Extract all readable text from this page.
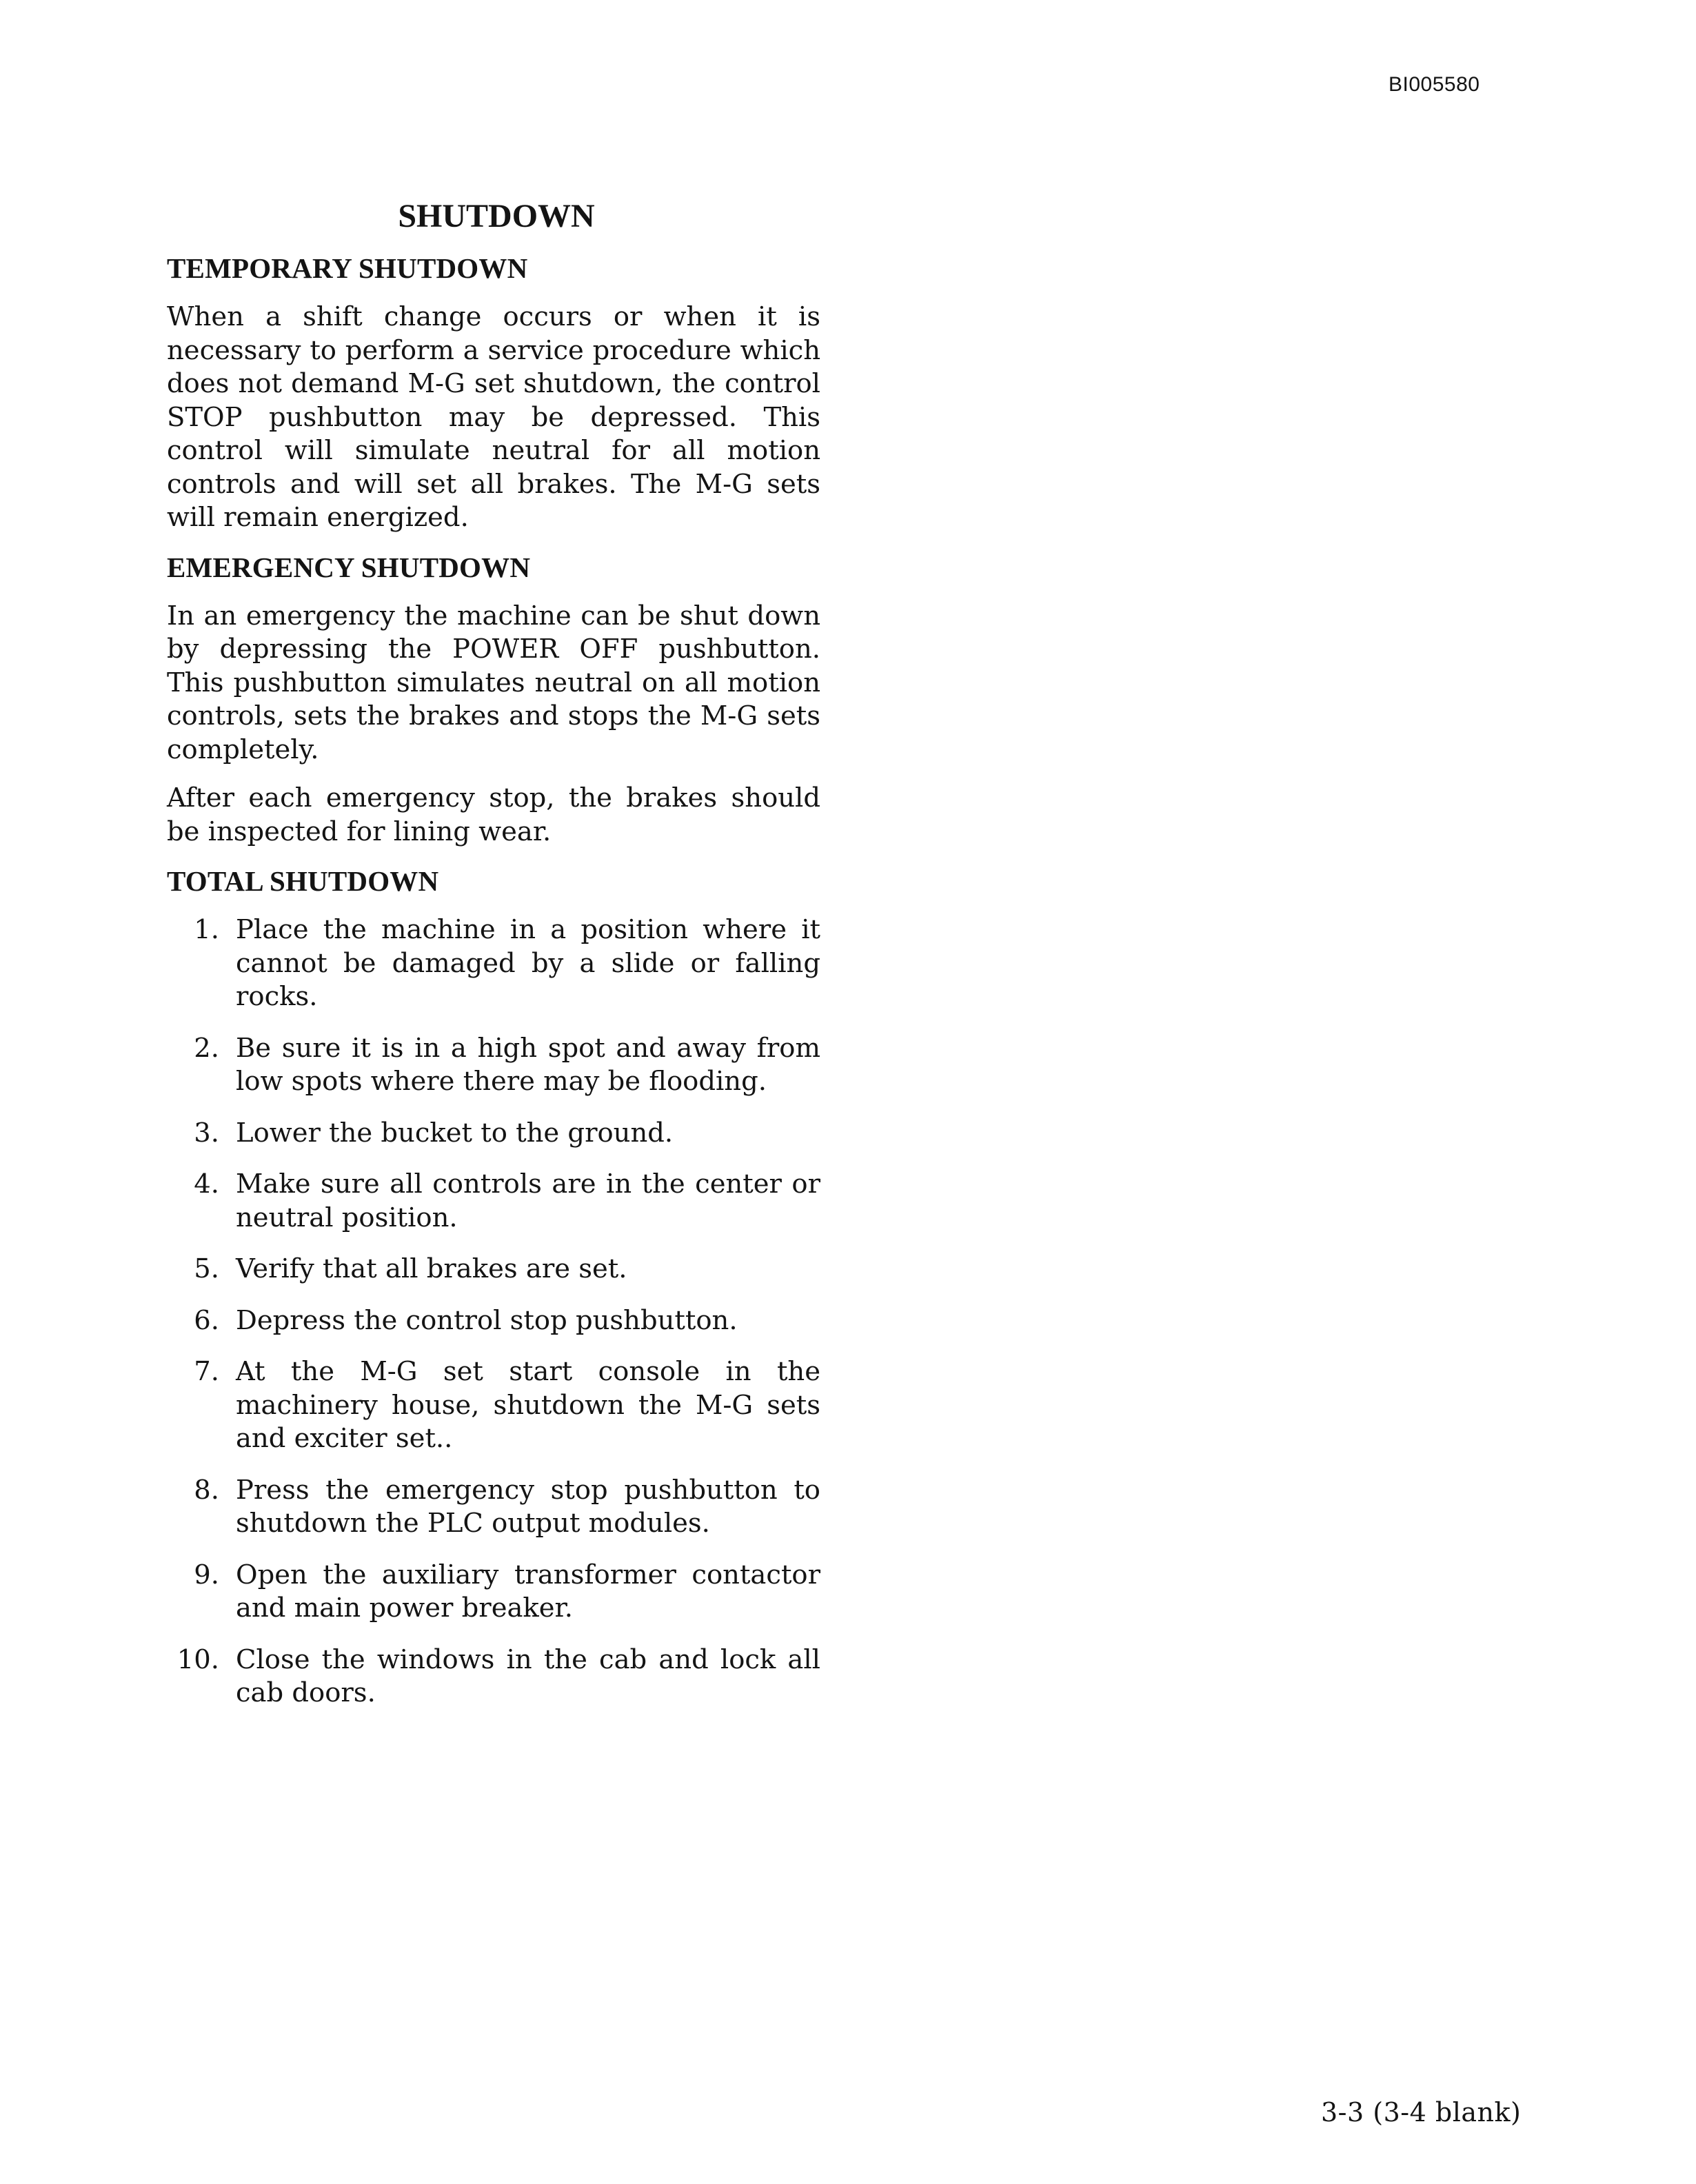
BI005580
SHUTDOWN
TEMPORARY SHUTDOWN

When a shift change occurs or when it is necessary to perform a service procedure which does not demand M-G set shutdown, the control STOP pushbutton may be depressed. This control will simulate neutral for all motion controls and will set all brakes. The M-G sets will remain energized.

EMERGENCY SHUTDOWN

In an emergency the machine can be shut down by depressing the POWER OFF pushbutton. This pushbutton simulates neutral on all motion controls, sets the brakes and stops the M-G sets completely.

After each emergency stop, the brakes should be inspected for lining wear.

TOTAL SHUTDOWN
1. Place the machine in a position where it cannot be damaged by a slide or falling rocks.
2. Be sure it is in a high spot and away from low spots where there may be flooding.
3. Lower the bucket to the ground.
4. Make sure all controls are in the center or neutral position.
5. Verify that all brakes are set.
6. Depress the control stop pushbutton.
7. At the M-G set start console in the machinery house, shutdown the M-G sets and exciter set..
8. Press the emergency stop pushbutton to shutdown the PLC output modules.
9. Open the auxiliary transformer contactor and main power breaker.
10. Close the windows in the cab and lock all cab doors.
3-3 (3-4 blank)
